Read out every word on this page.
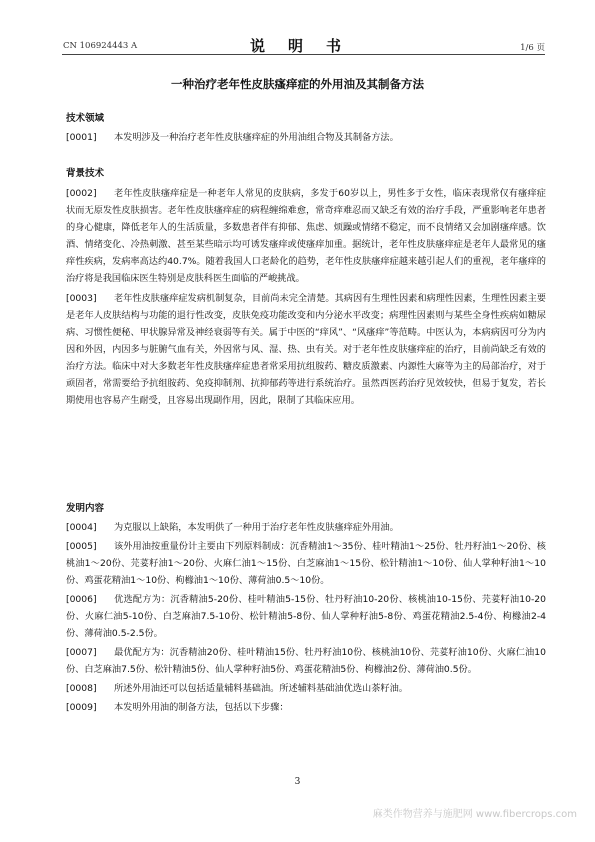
CN 106924443 A	说　明　书	1/6 页
一种治疗老年性皮肤瘙痒症的外用油及其制备方法

技术领域

[0001] 本发明涉及一种治疗老年性皮肤瘙痒症的外用油组合物及其制备方法。

背景技术

[0002] 老年性皮肤瘙痒症是一种老年人常见的皮肤病，多发于60岁以上，男性多于女性，临床表现常仅有瘙痒症状而无原发性皮肤损害。老年性皮肤瘙痒症的病程缠绵难愈，常奇痒难忍而又缺乏有效的治疗手段，严重影响老年患者的身心健康，降低老年人的生活质量，多数患者伴有抑郁、焦虑、烦躁或情绪不稳定，而不良情绪又会加剧瘙痒感。饮酒、情绪变化、冷热刺激、甚至某些暗示均可诱发瘙痒或使瘙痒加重。据统计，老年性皮肤瘙痒症是老年人最常见的瘙痒性疾病，发病率高达约40.7%。随着我国人口老龄化的趋势，老年性皮肤瘙痒症越来越引起人们的重视，老年瘙痒的治疗将是我国临床医生特别是皮肤科医生面临的严峻挑战。

[0003] 老年性皮肤瘙痒症发病机制复杂，目前尚未完全清楚。其病因有生理性因素和病理性因素，生理性因素主要是老年人皮肤结构与功能的退行性改变，皮肤免疫功能改变和内分泌水平改变；病理性因素则与某些全身性疾病如糖尿病、习惯性便秘、甲状腺异常及神经衰弱等有关。属于中医的“痒风”、“风瘙痒”等范畴。中医认为，本病病因可分为内因和外因，内因多与脏腑气血有关，外因常与风、湿、热、虫有关。对于老年性皮肤瘙痒症的治疗，目前尚缺乏有效的治疗方法。临床中对大多数老年性皮肤瘙痒症患者常采用抗组胺药、糖皮质激素、内源性大麻等为主的局部治疗，对于顽固者，常需要给予抗组胺药、免疫抑制剂、抗抑郁药等进行系统治疗。虽然西医药治疗见效较快，但易于复发，若长期使用也容易产生耐受，且容易出现副作用，因此，限制了其临床应用。

发明内容

[0004] 为克服以上缺陷，本发明供了一种用于治疗老年性皮肤瘙痒症外用油。

[0005] 该外用油按重量份计主要由下列原料制成：沉香精油1～35份、桂叶精油1～25份、牡丹籽油1～20份、核桃油1～20份、芫荽籽油1～20份、火麻仁油1～15份、白芝麻油1～15份、松针精油1～10份、仙人掌种籽油1～10份、鸡蛋花精油1～10份、枸橼油1～10份、薄荷油0.5～10份。

[0006] 优选配方为：沉香精油5-20份、桂叶精油5-15份、牡丹籽油10-20份、核桃油10-15份、芫荽籽油10-20份、火麻仁油5-10份、白芝麻油7.5-10份、松针精油5-8份、仙人掌种籽油5-8份、鸡蛋花精油2.5-4份、枸橼油2-4份、薄荷油0.5-2.5份。

[0007] 最优配方为：沉香精油20份、桂叶精油15份、牡丹籽油10份、核桃油10份、芫荽籽油10份、火麻仁油10份、白芝麻油7.5份、松针精油5份、仙人掌种籽油5份、鸡蛋花精油5份、枸橼油2份、薄荷油0.5份。

[0008] 所述外用油还可以包括适量辅料基础油。所述辅料基础油优选山茶籽油。

[0009] 本发明外用油的制备方法，包括以下步骤：

3
麻类作物营养与施肥网 www.fibercrops.com
